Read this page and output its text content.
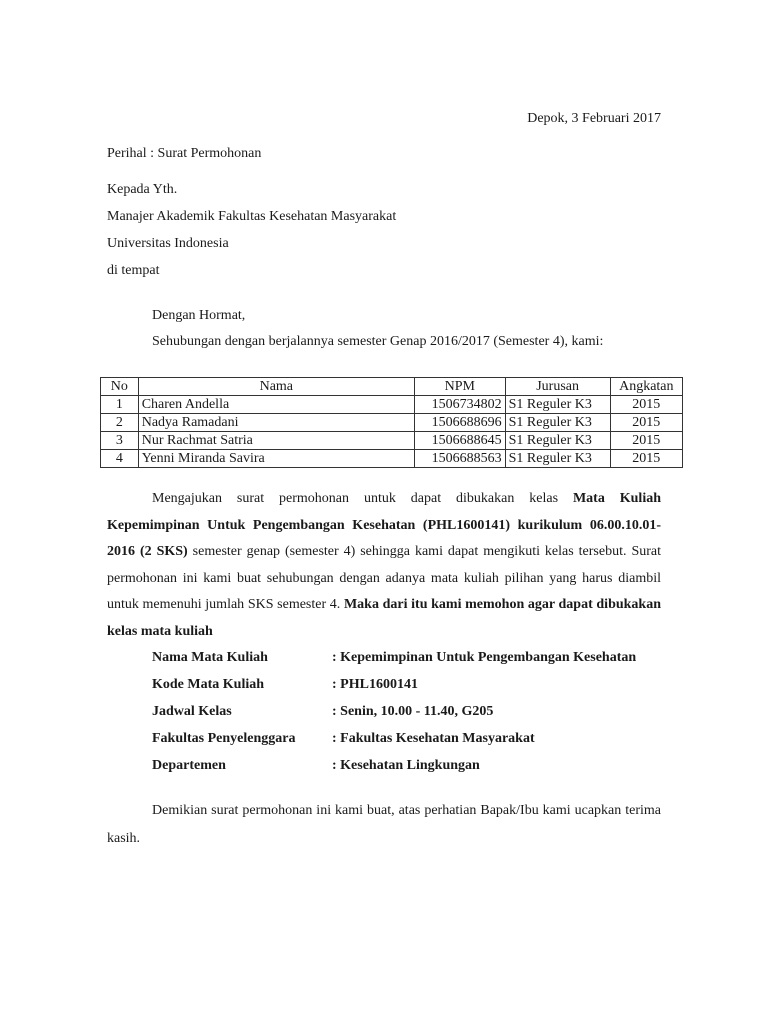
Depok, 3 Februari 2017
Perihal : Surat Permohonan
Kepada Yth.
Manajer Akademik Fakultas Kesehatan Masyarakat
Universitas Indonesia
di tempat
Dengan Hormat,
Sehubungan dengan berjalannya semester Genap 2016/2017 (Semester 4), kami:
No	Nama	NPM	Jurusan	Angkatan
1	Charen Andella	1506734802	S1 Reguler K3	2015
2	Nadya Ramadani	1506688696	S1 Reguler K3	2015
3	Nur Rachmat Satria	1506688645	S1 Reguler K3	2015
4	Yenni Miranda Savira	1506688563	S1 Reguler K3	2015

Mengajukan surat permohonan untuk dapat dibukakan kelas Mata Kuliah Kepemimpinan Untuk Pengembangan Kesehatan (PHL1600141) kurikulum 06.00.10.01-2016 (2 SKS) semester genap (semester 4) sehingga kami dapat mengikuti kelas tersebut. Surat permohonan ini kami buat sehubungan dengan adanya mata kuliah pilihan yang harus diambil untuk memenuhi jumlah SKS semester 4. Maka dari itu kami memohon agar dapat dibukakan kelas mata kuliah

Nama Mata Kuliah	: Kepemimpinan Untuk Pengembangan Kesehatan
Kode Mata Kuliah	: PHL1600141
Jadwal Kelas	: Senin, 10.00 - 11.40, G205
Fakultas Penyelenggara	: Fakultas Kesehatan Masyarakat
Departemen	: Kesehatan Lingkungan

Demikian surat permohonan ini kami buat, atas perhatian Bapak/Ibu kami ucapkan terima kasih.
